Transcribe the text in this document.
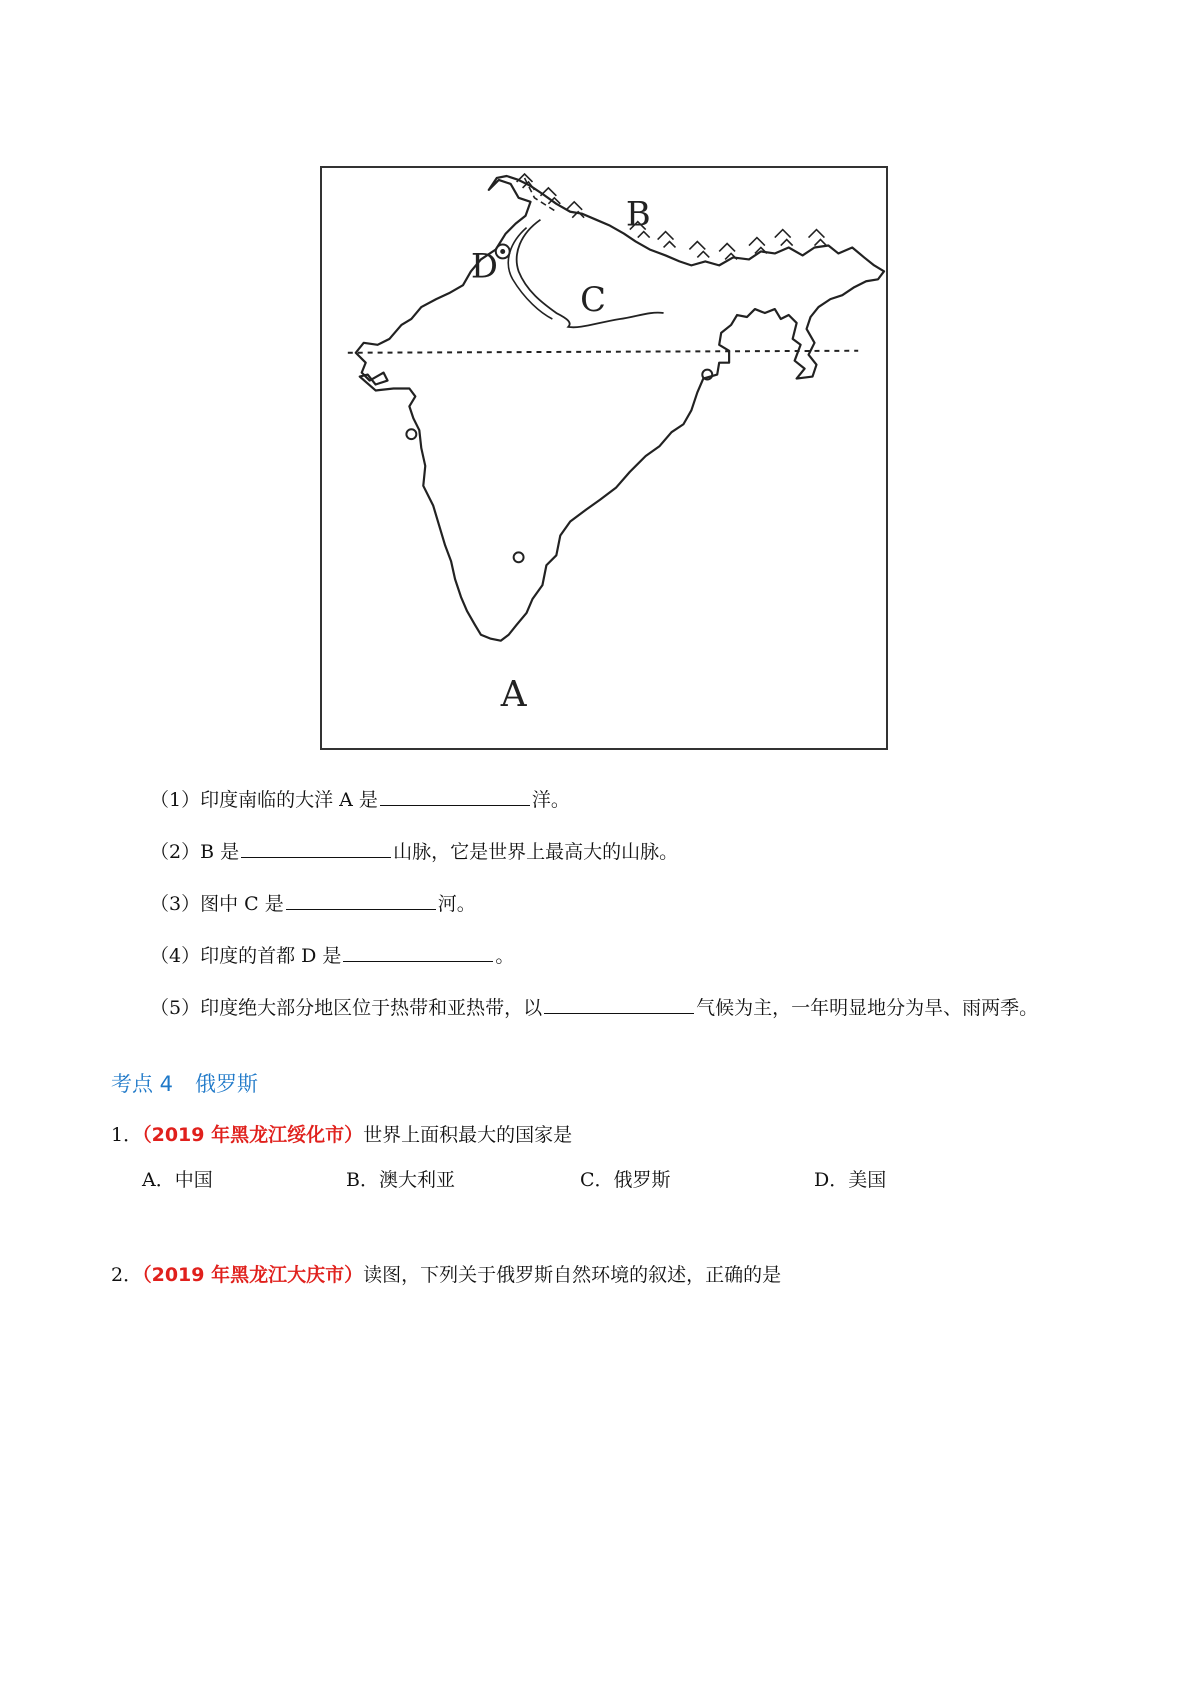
B
D
C
A
（1）印度南临的大洋 A 是	洋。
（2）B 是	山脉，它是世界上最高大的山脉。
（3）图中 C 是	河。
（4）印度的首都 D 是	。
（5）印度绝大部分地区位于热带和亚热带，以	气候为主，一年明显地分为旱、雨两季。
考点 4 俄罗斯
1．（2019 年黑龙江绥化市）世界上面积最大的国家是
A．中国	B．澳大利亚	C．俄罗斯	D．美国
2．（2019 年黑龙江大庆市）读图，下列关于俄罗斯自然环境的叙述，正确的是
